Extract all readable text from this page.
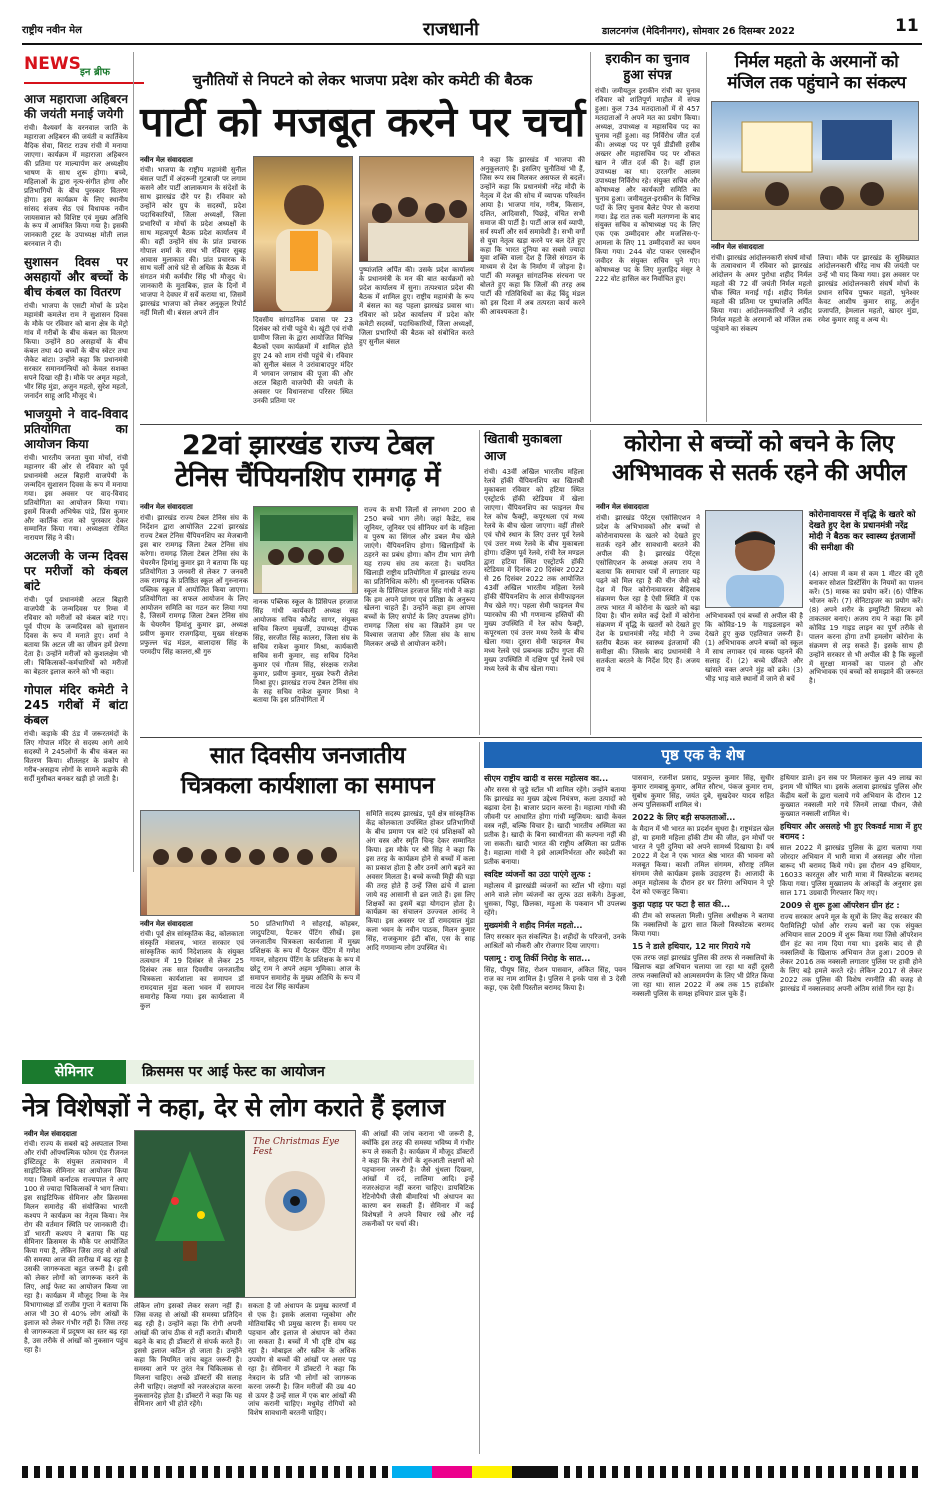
राष्ट्रीय नवीन मेल	राजधानी	डालटनगंज (मेदिनीनगर), सोमवार 26 दिसम्बर 2022	11
NEWS इन ब्रीफ
आज महाराजा अहिबरन की जयंती मनाई जयेगी
रांची। वैश्यवर्ग के वरनवाल जाति के महाराजा अहिबरन की जयंती व कार्तिकेय वैदिक सेवा, विराट राउच रांची में मनाया जाएगा। कार्यक्रम में महाराजा अहिबरन की प्रतिमा पर माल्यार्पण कर अध्यक्षीय भाषण के साथ शुरू होगा। बच्चे, महिलाओं के द्वारा नृत्य-संगीत होगा और प्रतिभागियों के बीच पुरस्कार वितरण होगा। इस कार्यक्रम के लिए स्थानीय सांसद संजय सेठ एवं विधायक नवीन जायसवाल को विशिष्ट एवं मुख्य अतिथि के रूप में आमंत्रित किया गया है। इसकी जानकारी ट्रस्ट के उपाध्यक्ष मोती लाल बरनवाल ने दी।
सुशासन दिवस पर असहायों और बच्चों के बीच कंबल का वितरण
रांची। भाजपा के एसटी मोर्चा के प्रदेश महामंत्री कमलेश राम ने सुशासन दिवस के मौके पर रविवार को बाना क्षेत्र के मेट्रो गांव में गरीबों के बीच कंबल का वितरण किया। उन्होंने 80 असहायों के बीच कंबल तथा 40 बच्चों के बीच स्वेटर तथा जैकेट बांटा। उन्होंने कहा कि प्रधानमंत्री सरकार समानमन्त्रियों को केवल सशक्त सपने दिखा रही है। मौके पर अमृत महतो, भीर सिंह मुंडा, अजुन महतो, सुरेश महतो, जनार्दन साहू आदि मौजूद थे।
भाजयुमो ने वाद-विवाद प्रतियोगिता का आयोजन किया
रांची। भारतीय जनता युवा मोर्चा, रांची महानगर की ओर से रविवार को पूर्व प्रधानमंत्री अटल बिहारी वाजपेयी के जन्मदिन सुशासन दिवस के रूप में मनाया गया। इस अवसर पर वाद-विवाद प्रतियोगिता का आयोजन किया गया। इसमें विजयी अभिषेक पांडे, प्रिंस कुमार और कार्तिक राज को पुरस्कार देकर सम्मानित किया गया। अध्यक्षता रोमित नारायण सिंह ने की।
अटलजी के जन्म दिवस पर मरीजों को कंबल बांटे
रांची। पूर्व प्रधानमंत्री अटल बिहारी वाजपेयी के जन्मदिवस पर रिम्स में रविवार को मरीजों को कंबल बांटे गए। पूर्व पीएम के जन्मदिवस को सुशासन दिवस के रूप में मनाते हुए। शर्मा ने बताया कि अटल जी का जीवन हमें प्रेरणा देता है। उन्होंने मरीजों को कुशलक्षेम भी ली। चिकित्सकों-कर्मचारियों को मरीजों का बेहतर इलाज करने को भी कहा।
गोपाल मंदिर कमेटी ने 245 गरीबों में बांटा कंबल
रांची। कड़ाके की ठंड में जरूरतमंदों के लिए गोपाल मंदिर से सदस्य आगे आये सदस्यों ने 245लोगों के बीच कंबल का वितरण किया। शीतलहर के प्रकोप से गरीब-असहाय लोगों के सामने कड़ाके की सर्दी मुसीबत बनकर खड़ी हो जाती है।
चुनौतियों से निपटने को लेकर भाजपा प्रदेश कोर कमेटी की बैठक
पार्टी को मजबूत करने पर चर्चा
नवीन मेल संवाददाता
रांची। भाजपा के राष्ट्रीय महामंत्री सुनील बंसल पार्टी में अंदरूनी गुटबाजी पर लगाम कसने और पार्टी आलाकमान के संदेशों के साथ झारखंड दौरे पर हैं। रविवार को उन्होंने कोर ग्रुप के सदस्यों, प्रदेश पदाधिकारियों, जिला अध्यक्षों, जिला प्रभारियों व मोर्चा के प्रदेश अध्यक्षों के साथ महत्वपूर्ण बैठक प्रदेश कार्यालय में की। वहीं उन्होंने संघ के प्रांत प्रचारक गोपाल शर्मा के साथ भी रविवार सुबह आवास मुलाकात की। प्रांत प्रचारक के साथ चली आधे घंटे से अधिक के बैठक में संगठन मंत्री कर्मवीर सिंह भी मौजूद थे। जानकारी के मुताबिक, हाल के दिनों में भाजपा ने देवघर में सर्वे कराया था, जिसमें झारखंड भाजपा को लेकर अनुकूल रिपोर्ट नहीं मिली थी। बंसल अपने तीन
दिवसीय सांगठनिक प्रवास पर 23 दिसंबर को रांची पहुंचे थे। खूंटी एवं रांची ग्रामीण जिला के द्वारा आयोजित विभिन्न बैठकों एवम कार्यक्रमों में शामिल होते हुए 24 को शाम रांची पहुंचे थे। रविवार को सुनील बंसल ने उरांवाबादपुर मंदिर में भगवान जगन्नाथ की पूजा की और अटल बिहारी वाजपेयी की जयंती के अवसर पर विधानसभा परिसर स्थित उनकी प्रतिमा पर
पुष्पांजलि अर्पित की। उसके प्रदेश कार्यालय के प्रधानमंत्री के मन की बात कार्यक्रमों को प्रदेश कार्यालय में सुना। तत्पश्चात प्रदेश की बैठक में शामिल हुए। राष्ट्रीय महामंत्री के रूप में बंसल का यह पहला झारखंड प्रवास था। रविवार को प्रदेश कार्यालय में प्रदेश कोर कमेटी सदस्यों, पदाधिकारियों, जिला अध्यक्षों, जिला प्रभारियों की बैठक को संबोधित करते हुए सुनील बंसल
ने कहा कि झारखंड में भाजपा की अनुकूलताएं हैं। इसलिए चुनौतियां भी हैं, जिस रूप सब मिलकर असफल से बदलें। उन्होंने कहा कि प्रधानमंत्री नरेंद्र मोदी के नेतृत्व में देश की सोच में व्यापक परिवर्तन आया है। भाजपा गांव, गरीब, किसान, दलित, आदिवासी, पिछड़े, वंचित सभी समाज की पार्टी है। पार्टी आज सर्व व्यापी, सर्व स्पर्शी और सर्व समावेशी है। सभी वर्गों से युवा नेतृत्व खड़ा करने पर बल देते हुए कहा कि भारत दुनिया का सबसे ज्यादा युवा शक्ति वाला देश है जिसे संगठन के माध्यम से देश के निर्माण में जोड़ना है। पार्टी की मजबूत सांगठनिक संरचना पर बोलते हुए कहा कि जिलों की तरह अब पार्टी की गतिविधियों का केंद्र बिंदु मंडल को इस दिशा में अब तत्परता कार्य करने की आवश्यकता है।
इराकीन का चुनाव हुआ संपन्न
रांची। जमीयतुल इराकीन रांची का चुनाव रविवार को शांतिपूर्ण माहौल में संपन्न हुआ। कुल 734 मतदाताओं में से 457 मतदाताओं ने अपने मत का प्रयोग किया। अध्यक्ष, उपाध्यक्ष व महासचिव पद का चुनाव नहीं हुआ। वह निर्विरोध जीत दर्ज की। अध्यक्ष पद पर पूर्व डीडीसी हसीब अख्तर और महासचिव पद पर शौकत खान ने जीत दर्ज की है। वहीं हाल उपाध्यक्ष का था। दरतगीर आलम उपाध्यक्ष निर्विरोध रहे। संयुक्त सचिव और कोषाध्यक्ष और कार्यकारी समिति का चुनाव हुआ। जमीयतुल-इराकीन के विभिन्न पदों के लिए चुनाव बैलेट पेपर से कराया गया। डेढ़ रात तक चली मतगणना के बाद संयुक्त सचिव व कोषाध्यक्ष पद के लिए एक एक उम्मीदवार और मजलिस-ए-आमला के लिए 11 उम्मीदवारों का चयन किया गया। 244 वोट पाकर एसरुद्दीन जवीदर के संयुक्त सचिव चुने गए। कोषाध्यक्ष पद के लिए मुज़ाहिद मंसूर ने 222 वोट हासिल कर निर्वाचित हुए।
निर्मल महतो के अरमानों को
मंजिल तक पहुंचाने का संकल्प
नवीन मेल संवाददाता
रांची। झारखंड आंदोलनकारी संघर्ष मोर्चा के तत्वावधान में रविवार को झारखंड आंदोलन के अमर पुरोधा शहीद निर्मल महतो की 72 वीं जयंती निर्मल महतो चौक स्थित मनाई गई। शहीद निर्मल महतो की प्रतिमा पर पुष्पांजलि अर्पित किया गया। आंदोलनकारियों ने शहीद निर्मल महतो के अरमानों को मंजिल तक पहुंचाने का संकल्प
लिया। मौके पर झारखंड के सुविख्यात आंदोलनकारी धीरेंद्र नाथ की जयंती पर उन्हें भी याद किया गया। इस अवसर पर झारखंड आंदोलनकारी संघर्ष मोर्चा के प्रधान सचिव पुष्कर महतो, भुनेश्वर केवट आशीष कुमार साहू, अर्जुन प्रजापति, हेमलाल महतो, खादर मुंडा, रमेश कुमार साहू व अन्य थे।
22वां झारखंड राज्य टेबल
टेनिस चैंपियनशिप रामगढ़ में
नवीन मेल संवाददाता
रांची। झारखंड राज्य टेबल टेनिस संघ के निर्देशन द्वारा आयोजित 22वां झारखंड राज्य टेबल टेनिस चैंपियनशिप का मेजबानी इस बार रामगढ़ जिला टेबल टेनिस संघ करेगा। रामगढ़ जिला टेबल टेनिस संघ के चेयरमैन हिमांशु कुमार झा ने बताया कि यह प्रतियोगिता 3 जनवरी से लेकर 7 जनवरी तक रामगढ़ के प्रतिष्ठित स्कूल ओं गुरुनानक पब्लिक स्कूल में आयोजित किया जाएगा। प्रतियोगिता का सफल आयोजन के लिए आयोजन समिति का गठन कर लिया गया है, जिसमें रामगढ़ जिला टेबल टेनिस संघ के चेयरमैन हिमांशु कुमार झा, अध्यक्ष प्रवीण कुमार राजगढ़िया, मुख्य संरक्षक प्रफुल्ल चंद्र मंडल, बालादास सिंह के परमदीप सिंह कालरा,श्री गुरु
नानक पब्लिक स्कूल के प्रिंसिपल हरजाज सिंह गांधी कार्यकारी अध्यक्ष सह आयोजक सचिव कौशेंद्र सागर, संयुक्त सचिव किरण मुखर्जी, उपाध्यक्ष दीपक सिंह, सरजीत सिंह कालरा, जिला संघ के सचिव राकेश कुमार मिश्रा, कार्यकारी सचिव सनी कुमार, सह सचिव दिनेश कुमार एवं गौतम सिंह, संरक्षक राजेश कुमार, प्रवीण कुमार, मुख्य रेफरी शैलेश मिश्रा हुए। झारखंड राज्य टेबल टेनिस संघ के सह सचिव राकेश कुमार मिश्रा ने बताया कि इस प्रतियोगिता में
राज्य के सभी जिलों से लगभग 200 से 250 बच्चे भाग लेंगे। जहां कैडेट, सब जूनियर, जूनियर एवं सीनियर वर्ग के महिला व पुरुष का सिंगल और डबल मैच खेले जाएंगे। चैंपियनशिप होगा। खिलाड़ियों के ठहरने का प्रबंध होगा। कौन टीम भाग लेगी यह राज्य संघ तय करता है। चयनित खिलाड़ी राष्ट्रीय प्रतियोगिता में झारखंड राज्य का प्रतिनिधित्व करेंगे। श्री गुरुनानक पब्लिक स्कूल के प्रिंसिपल हरजाज सिंह गांधी ने कहा कि हम अपने प्रांगण एवं प्रतिष्ठा के अनुरूप खेलना चाहते हैं। उन्होंने कहा हम आपस बच्चों के लिए सपोर्ट के लिए उपलब्ध होंगे। रामगढ़ जिला संघ का जिक्रोंने हम पर विश्वास जताया और जिला संघ के साथ मिलकर अच्छे से आयोजन करेंगे।
खिताबी मुकाबला आज
रांची। 43वीं अखिल भारतीय महिला रेलवे हॉकी चैंपियनशिप का खिताबी मुकाबला रविवार को हटिया स्थित एस्ट्रोटर्फ हॉकी स्टेडियम में खेला जाएगा। चैंपियनशिप का फाइनल मैच रेल कोच फैक्ट्री, कपूरथला एवं मध्य रेलवे के बीच खेला जाएगा। वहीं तीसरे एवं चौथे स्थान के लिए उत्तर पूर्व रेलवे एवं उत्तर मध्य रेलवे के बीच मुकाबला होगा। दक्षिण पूर्व रेलवे, रांची रेल मण्डल द्वारा हटिया स्थित एस्ट्रोटर्फ हॉकी स्टेडियम में दिनांक 20 दिसंबर 2022 से 26 दिसंबर 2022 तक आयोजित 43वीं अखिल भारतीय महिला रेलवे हॉकी चैंपियनशिप के आज सेमीफाइनल मैच खेले गए। पहला सेमी फाइनल मैच प्यारकोच की भी गणमान्य हस्तियों की मुख्य उपस्थिति में रेल कोच फैक्ट्री, कपूरथला एवं उत्तर मध्य रेलवे के बीच खेला गया। दूसरा सेमी फाइनल मैच मध्य रेलवे एवं प्रबन्धक प्रदीप गुप्ता की मुख्य उपस्थिति में दक्षिण पूर्व रेलवे एवं मध्य रेलवे के बीच खेला गया।
कोरोना से बच्चों को बचने के लिए
अभिभावक से सतर्क रहने की अपील
नवीन मेल संवाददाता
रांची। झारखंड पेरेंट्स एसोसिएशन ने प्रदेश के अभिभावकों और बच्चों से कोरोनावायरस के खतरे को देखते हुए सतर्क रहने और सावधानी बरतने की अपील की है। झारखंड पेरेंट्स एसोसिएशन के अध्यक्ष अजय राय ने बताया कि समाचार पत्रों में लगातार यह पढ़ने को मिल रहा है की चीन जैसे बड़े देश में फिर कोरोनावायरस बेहिसाब संक्रमण फैल रहा है ऐसी स्थिति में एक तरफ भारत में कोरोना के खतरे को बढ़ा दिया है। चीन समेत कई देशों में कोरोना संक्रमण में वृद्धि के खतरों को देखते हुए देश के प्रधानमंत्री नरेंद्र मोदी ने उच्च स्तरीय बैठक कर स्वास्थ्य इंतजामों की समीक्षा की। जिसके बाद प्रधानमंत्री ने सतर्कता बरतने के निर्देश दिए हैं। अजय राय ने
अभिभावकों एवं बच्चों से अपील की है कि कोविड-19 के गाइडलाइन को देखते हुए कुछ एहतियात जरूरी है। (1) अभिभावक अपने बच्चों को स्कूल में साथ लगाकर एवं मास्क पहनने की सलाह दें। (2) बच्चे छींकते और खांसते वक्त अपने मुंह को ढके। (3) भीड़ भाड़ वाले स्थानों में जाने से बचें
कोरोनावायरस में वृद्धि के खतरे को देखते हुए देश के प्रधानमंत्री नरेंद्र मोदी ने बैठक कर स्वास्थ्य इंतजामों की समीक्षा की
(4) आपस में कम से कम 1 मीटर की दूरी बनाकर सोशल डिस्टेंसिंग के नियमों का पालन करें। (5) मास्क का प्रयोग करें। (6) पौष्टिक भोजन करें। (7) सेनिटाइजर का प्रयोग करें। (8) अपने शरीर के इम्युनिटी सिस्टम को ताकतवर बनाएं। अजय राय ने कहा कि हमें कोविड 19 गाइड लाइन का पूर्ण तरीके से पालन करना होगा तभी हमलोग कोरोना के संक्रमण से लड़ सकते हैं। इसके साथ ही उन्होंने सरकार से भी अपील की है कि स्कूलों में सुरक्षा मानकों का पालन हो और अभिभावक एवं बच्चों को समझाने की जरूरत है।
सात दिवसीय जनजातीय
चित्रकला कार्यशाला का समापन
नवीन मेल संवाददाता
रांची। पूर्व क्षेत्र सांस्कृतिक केंद्र, कोलकाता संस्कृति मंत्रालय, भारत सरकार एवं सांस्कृतिक कार्य निदेशालय के संयुक्त तत्वधान में 19 दिसंबर से लेकर 25 दिसंबर तक सात दिवसीय जनजातीय चित्रकला कार्यशाला का समापन डॉ रामदयाल मुंडा कला भवन में समापन समारोह किया गया। इस कार्यशाला में कुल
50 प्रतिभागियों ने सोहराई, कोहबर, जादुपटिया, पैटकर पेंटिंग सीखें। इस जनजातीय चित्रकला कार्यशाला में मुख्य प्रशिक्षक के रूप में पैटकर पेंटिंग में गणेश गायन, सोहराय पेंटिंग के प्रशिक्षक के रूप में छोटू राम ने अपने अहम भूमिका। आज के समापन समारोह के मुख्य अतिथि के रूप में नाट्य देश सिंह कार्यक्रम
समिति सदस्य झारखंड, पूर्व क्षेत्र सांस्कृतिक केंद्र कोलकाता उपस्थित होकर प्रतिभागियों के बीच प्रमाण पत्र बांटे एवं प्रशिक्षकों को अंग वस्त्र और स्मृति चिन्ह देकर सम्मानित किया। इस मौके पर श्री सिंह ने कहा कि इस तरह के कार्यक्रम होने से बच्चों में कला का प्रकाश होता है और उनमें आगे बढ़ने का अवसर मिलता है। बच्चे कच्ची मिट्टी की घड़ा की तरह होते हैं उन्हें जिस ढांचे में ढाला जाये वह आसानी से ढल जाते हैं। इस लिए शिक्षकों का इसमें बड़ा योगदान होता है। कार्यक्रम का संचालन उज्ज्वल आनंद ने किया। इस अवसर पर डॉ रामदयाल मुंडा कला भवन के नवीन पाठक, मिलन कुमार सिंह, राजकुमार इंटी बॉस, एस के साह आदि गणमान्य लोग उपस्थित थे।
पृष्ठ एक के शेष
सीएम राष्ट्रीय खादी व सरस महोत्सव का...
और सरस से जुड़े स्टॉल भी शामिल रहेंगे। उन्होंने बताया कि झारखंड का मुख्य उद्देश्य नियंत्रण, कला उत्पादों को बढ़ावा देना है। बाजार प्रदान करना है। महात्मा गांधी की जीवनी पर आधारित होगा गांधी म्यूजियम: खादी केवल वस्त्र नहीं, बल्कि विचार है। खादी भारतीय अस्मिता का प्रतीक है। खादी के बिना स्वाधीनता की कल्पना नहीं की जा सकती। खादी भारत की राष्ट्रीय अस्मिता का प्रतीक है। महात्मा गांधी ने इसे आत्मनिर्भरता और स्वदेशी का प्रतीक बनाया।
स्वदिष्ट व्यंजनों का उठा पाएंगे लुत्फ :
महोत्सव में झारखंडी व्यंजनों का स्टॉल भी रहेगा। यहां आने वाले लोग व्यंजनों का लुत्फ उठा सकेंगे। ठेकुआ, धुसका, पिट्ठा, छिलका, मड़ुआ के पकवान भी उपलब्ध रहेंगे।
मुख्यमंत्री ने शहीद निर्मल महतो...
लिए सरकार कृत संकल्पित है। शहीदों के परिजनों, उनके आश्रितों को नौकरी और रोजगार दिया जाएगा।
पलामू : राजू तिर्की निरोह के सात...
सिंह, पीयूष सिंह, रोशन पासवान, अंकित सिंह, पवन राज का नाम शामिल है। पुलिस ने इनके पास से 3 देसी कट्टा, एक देसी पिस्तौल बरामद किया है।
पासवान, रजनीश प्रसाद, प्रफुल्ल कुमार सिंह, सुधीर कुमार रामबाबू कुमार, अमित सौरभ, पंकज कुमार राम, सुबोध कुमार सिंह, जयंत दुबे, सुखदेवर यादव सहित अन्य पुलिसकर्मी शामिल थे।
2022 के लिए बड़ी सफलताओं...
के मैदान में भी भारत का प्रदर्शन सुधरा है। राष्ट्रमंडल खेल हो, या हमारी महिला हॉकी टीम की जीत, इन मोर्चों पर भारत ने पूरी दुनिया को अपने सामर्थ्य दिखाया है। वर्ष 2022 में देश ने एक भारत श्रेष्ठ भारत की भावना को मजबूत किया। काशी तमिल संगमम, सौराष्ट्र तमिल संगमम जैसे कार्यक्रम इसके उदाहरण हैं। आजादी के अमृत महोत्सव के दौरान हर घर तिरंगा अभियान ने पूरे देश को एकजुट किया।
कुड़ा पहाड़ पर फटा है सात की...
की टीम को सफलता मिली। पुलिस अधीक्षक ने बताया कि नक्सलियों के द्वारा सात किलो विस्फोटक बरामद किया गया।
15 ने डाले हथियार, 12 मार गिराये गये
एक तरफ जहां झारखंड पुलिस की तरफ से नक्सलियों के खिलाफ बड़ा अभियान चलाया जा रहा था वहीं दूसरी तरफ नक्सलियों को आत्मसमर्पण के लिए भी प्रेरित किया जा रहा था। साल 2022 में अब तक 15 हार्डकोर नक्सली पुलिस के समक्ष हथियार डाल चुके हैं।
हथियार डाले। इन सब पर मिलाकर कुल 49 लाख का इनाम भी घोषित था। इसके अलावा झारखंड पुलिस और केंद्रीय बलों के द्वारा चलाये गये अभियान के दौरान 12 कुख्यात नक्सली मारे गये जिनमें लाखा पीधन, जैसे कुख्यात नक्सली शामिल थे।
हथियार और असलहे भी हुए रिकवर्ड मात्रा में हुए बरामद :
साल 2022 में झारखंड पुलिस के द्वारा चलाया गया जोरदार अभियान में भारी मात्रा में असलहा और गोला बारूद भी बरामद किये गये। इस दौरान 49 हथियार, 16033 कारतूस और भारी मात्रा में विस्फोटक बरामद किया गया। पुलिस मुख्यालय के आंकड़ों के अनुसार इस साल 171 उग्रवादी गिरफ्तार किए गए।
2009 से शुरू हुआ ऑपरेशन ग्रीन हंट :
राज्य सरकार अपने मूल के सूत्रों के लिए केंद्र सरकार की पैरामिलिट्री फोर्स और राज्य बलों का एक संयुक्त अभियान साल 2009 में शुरू किया गया जिसे ऑपरेशन ग्रीन हंट का नाम दिया गया था। इसके बाद से ही नक्सलियों के खिलाफ अभियान तेज हुआ। 2009 से लेकर 2016 तक नक्सली लगातार पुलिस पर हावी होने के लिए बड़े हमले करते रहे। लेकिन 2017 से लेकर 2022 तक पुलिस की विशेष रणनीति की वजह से झारखंड में नक्सलवाद अपनी अंतिम सांसें गिन रहा है।
सेमिनार	क्रिसमस पर आई फेस्ट का आयोजन
नेत्र विशेषज्ञों ने कहा, देर से लोग कराते हैं इलाज
नवीन मेल संवाददाता
रांची। राज्य के सबसे बड़े अस्पताल रिम्स और रांची ऑफ्थल्मिक फोरम एंड रीजनल इंस्टिट्यूट के संयुक्त तत्वावधान में साइंटिफिक सेमिनार का आयोजन किया गया। जिसमें कर्नाटक राज्यपाल ने आए 100 से ज्यादा चिकित्सकों ने भाग लिया। इस साइंटिफिक सेमिनार और क्रिसमस मिलन समारोह की संयोजिका भारती कश्यप ने कार्यक्रम का नेतृत्व किया। नेत्र रोग की वर्तमान स्थिति पर जानकारी दी। डॉ भारती कश्यप ने बताया कि यह सेमिनार क्रिसमस के मौके पर आयोजित किया गया है, लेकिन जिस तरह से आंखों की समस्या आज की तारीख में बढ़ रहा है उसकी जागरूकता बहुत जरूरी है। इसी को लेकर लोगों को जागरूक करने के लिए, आई फेस्ट का आयोजन किया जा रहा है। कार्यक्रम में मौजूद रिम्स के नेत्र विभागाध्यक्ष डॉ राजीव गुप्ता ने बताया कि आज भी 30 से 40% लोग आंखों के इलाज को लेकर गंभीर नहीं हैं। जिस तरह से जागरूकता में प्रदूषण का स्तर बढ़ रहा है, उस तरीके से आंखों को नुकसान पहुंच रहा है।
The Christmas Eye Fest
लेकिन लोग इसको लेकर सजग नहीं हैं। जिस वजह से आंखों की समस्या प्रतिदिन बढ़ रही है। उन्होंने कहा कि रोगी अपनी आंखों की जांच ठीक से नहीं कराते। बीमारी बढ़ने के बाद ही डॉक्टरों से संपर्क करते हैं। इससे इलाज कठिन हो जाता है। उन्होंने कहा कि नियमित जांच बहुत जरूरी है। समस्या आने पर तुरंत नेत्र चिकित्सक से मिलना चाहिए। अच्छे डॉक्टरों की सलाह लेनी चाहिए। लक्षणों को नजरअंदाज करना नुकसानदेह होता है। डॉक्टरों ने कहा कि यह सेमिनार आगे भी होते रहेंगे।
सकता है जो अंधापन के प्रमुख कारणों में से एक है। इसके अलावा ग्लूकोमा और मोतियाबिंद भी प्रमुख कारण हैं। समय पर पहचान और इलाज से अंधापन को रोका जा सकता है। बच्चों में भी दृष्टि दोष बढ़ रहा है। मोबाइल और स्क्रीन के अधिक उपयोग से बच्चों की आंखों पर असर पड़ रहा है। सेमिनार में डॉक्टरों ने कहा कि नेत्रदान के प्रति भी लोगों को जागरूक करना जरूरी है। जिन मरीजों की उम्र 40 से ऊपर है उन्हें साल में एक बार आंखों की जांच करानी चाहिए। मधुमेह रोगियों को विशेष सावधानी बरतनी चाहिए।
की आंखों की जांच कराना भी जरूरी है, क्योंकि इस तरह की समस्या भविष्य में गंभीर रूप ले सकती है। कार्यक्रम में मौजूद डॉक्टरों ने कहा कि नेत्र रोगों के शुरुआती लक्षणों को पहचानना जरूरी है। जैसे धुंधला दिखना, आंखों में दर्द, लालिमा आदि। इन्हें नजरअंदाज नहीं करना चाहिए। डायबिटिक रेटिनोपैथी जैसी बीमारियां भी अंधापन का कारण बन सकती हैं। सेमिनार में कई विशेषज्ञों ने अपने विचार रखे और नई तकनीकों पर चर्चा की।
